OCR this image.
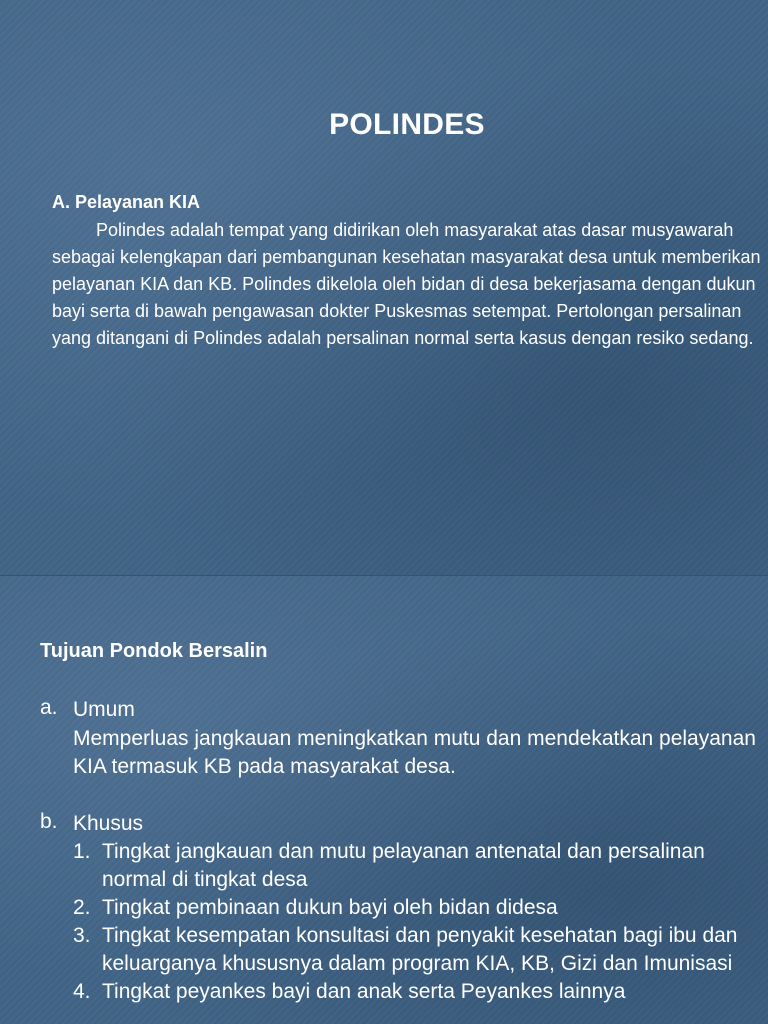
POLINDES
A. Pelayanan KIA

Polindes adalah tempat yang didirikan oleh masyarakat atas dasar musyawarah sebagai kelengkapan dari pembangunan kesehatan masyarakat desa untuk memberikan pelayanan KIA dan KB. Polindes dikelola oleh bidan di desa bekerjasama dengan dukun bayi serta di bawah pengawasan dokter Puskesmas setempat. Pertolongan persalinan yang ditangani di Polindes adalah persalinan normal serta kasus dengan resiko sedang.

Tujuan Pondok Bersalin
a. Umum

Memperluas jangkauan meningkatkan mutu dan mendekatkan pelayanan KIA termasuk KB pada masyarakat desa.

b. Khusus
1. Tingkat jangkauan dan mutu pelayanan antenatal dan persalinan normal di tingkat desa
2. Tingkat pembinaan dukun bayi oleh bidan didesa
3. Tingkat kesempatan konsultasi dan penyakit kesehatan bagi ibu dan keluarganya khususnya dalam program KIA, KB, Gizi dan Imunisasi
4. Tingkat peyankes bayi dan anak serta Peyankes lainnya
